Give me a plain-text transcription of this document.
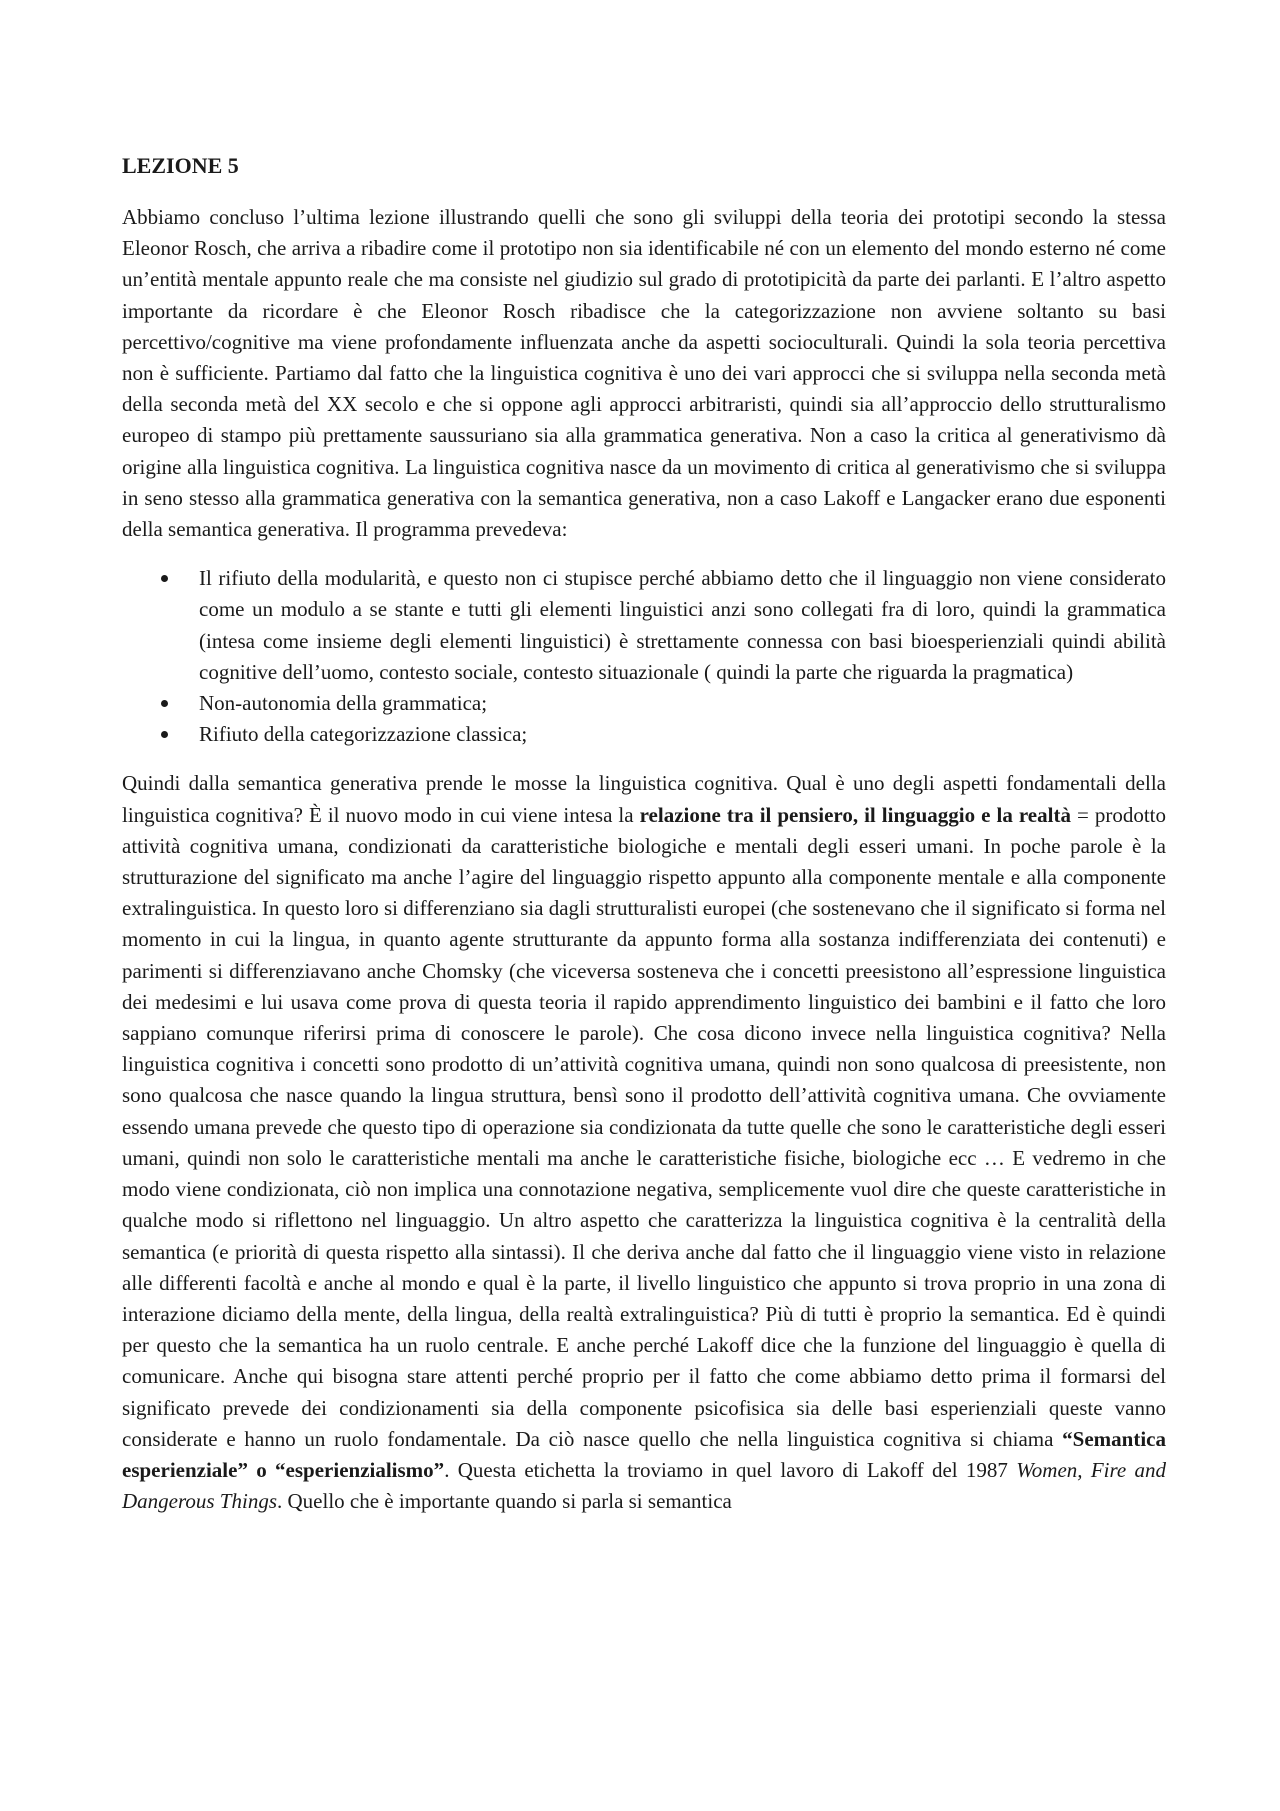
LEZIONE 5

Abbiamo concluso l’ultima lezione illustrando quelli che sono gli sviluppi della teoria dei prototipi secondo la stessa Eleonor Rosch, che arriva a ribadire come il prototipo non sia identificabile né con un elemento del mondo esterno né come un’entità mentale appunto reale che ma consiste nel giudizio sul grado di prototipicità da parte dei parlanti. E l’altro aspetto importante da ricordare è che Eleonor Rosch ribadisce che la categorizzazione non avviene soltanto su basi percettivo/cognitive ma viene profondamente influenzata anche da aspetti socioculturali. Quindi la sola teoria percettiva non è sufficiente. Partiamo dal fatto che la linguistica cognitiva è uno dei vari approcci che si sviluppa nella seconda metà della seconda metà del XX secolo e che si oppone agli approcci arbitraristi, quindi sia all’approccio dello strutturalismo europeo di stampo più prettamente saussuriano sia alla grammatica generativa. Non a caso la critica al generativismo dà origine alla linguistica cognitiva. La linguistica cognitiva nasce da un movimento di critica al generativismo che si sviluppa in seno stesso alla grammatica generativa con la semantica generativa, non a caso Lakoff e Langacker erano due esponenti della semantica generativa. Il programma prevedeva:

Il rifiuto della modularità, e questo non ci stupisce perché abbiamo detto che il linguaggio non viene considerato come un modulo a se stante e tutti gli elementi linguistici anzi sono collegati fra di loro, quindi la grammatica (intesa come insieme degli elementi linguistici) è strettamente connessa con basi bioesperienziali quindi abilità cognitive dell’uomo, contesto sociale, contesto situazionale ( quindi la parte che riguarda la pragmatica)
Non-autonomia della grammatica;
Rifiuto della categorizzazione classica;

Quindi dalla semantica generativa prende le mosse la linguistica cognitiva. Qual è uno degli aspetti fondamentali della linguistica cognitiva? È il nuovo modo in cui viene intesa la relazione tra il pensiero, il linguaggio e la realtà = prodotto attività cognitiva umana, condizionati da caratteristiche biologiche e mentali degli esseri umani. In poche parole è la strutturazione del significato ma anche l’agire del linguaggio rispetto appunto alla componente mentale e alla componente extralinguistica. In questo loro si differenziano sia dagli strutturalisti europei (che sostenevano che il significato si forma nel momento in cui la lingua, in quanto agente strutturante da appunto forma alla sostanza indifferenziata dei contenuti) e parimenti si differenziavano anche Chomsky (che viceversa sosteneva che i concetti preesistono all’espressione linguistica dei medesimi e lui usava come prova di questa teoria il rapido apprendimento linguistico dei bambini e il fatto che loro sappiano comunque riferirsi prima di conoscere le parole). Che cosa dicono invece nella linguistica cognitiva? Nella linguistica cognitiva i concetti sono prodotto di un’attività cognitiva umana, quindi non sono qualcosa di preesistente, non sono qualcosa che nasce quando la lingua struttura, bensì sono il prodotto dell’attività cognitiva umana. Che ovviamente essendo umana prevede che questo tipo di operazione sia condizionata da tutte quelle che sono le caratteristiche degli esseri umani, quindi non solo le caratteristiche mentali ma anche le caratteristiche fisiche, biologiche ecc … E vedremo in che modo viene condizionata, ciò non implica una connotazione negativa, semplicemente vuol dire che queste caratteristiche in qualche modo si riflettono nel linguaggio. Un altro aspetto che caratterizza la linguistica cognitiva è la centralità della semantica (e priorità di questa rispetto alla sintassi). Il che deriva anche dal fatto che il linguaggio viene visto in relazione alle differenti facoltà e anche al mondo e qual è la parte, il livello linguistico che appunto si trova proprio in una zona di interazione diciamo della mente, della lingua, della realtà extralinguistica? Più di tutti è proprio la semantica. Ed è quindi per questo che la semantica ha un ruolo centrale. E anche perché Lakoff dice che la funzione del linguaggio è quella di comunicare. Anche qui bisogna stare attenti perché proprio per il fatto che come abbiamo detto prima il formarsi del significato prevede dei condizionamenti sia della componente psicofisica sia delle basi esperienziali queste vanno considerate e hanno un ruolo fondamentale. Da ciò nasce quello che nella linguistica cognitiva si chiama “Semantica esperienziale” o “esperienzialismo”. Questa etichetta la troviamo in quel lavoro di Lakoff del 1987 Women, Fire and Dangerous Things. Quello che è importante quando si parla si semantica
